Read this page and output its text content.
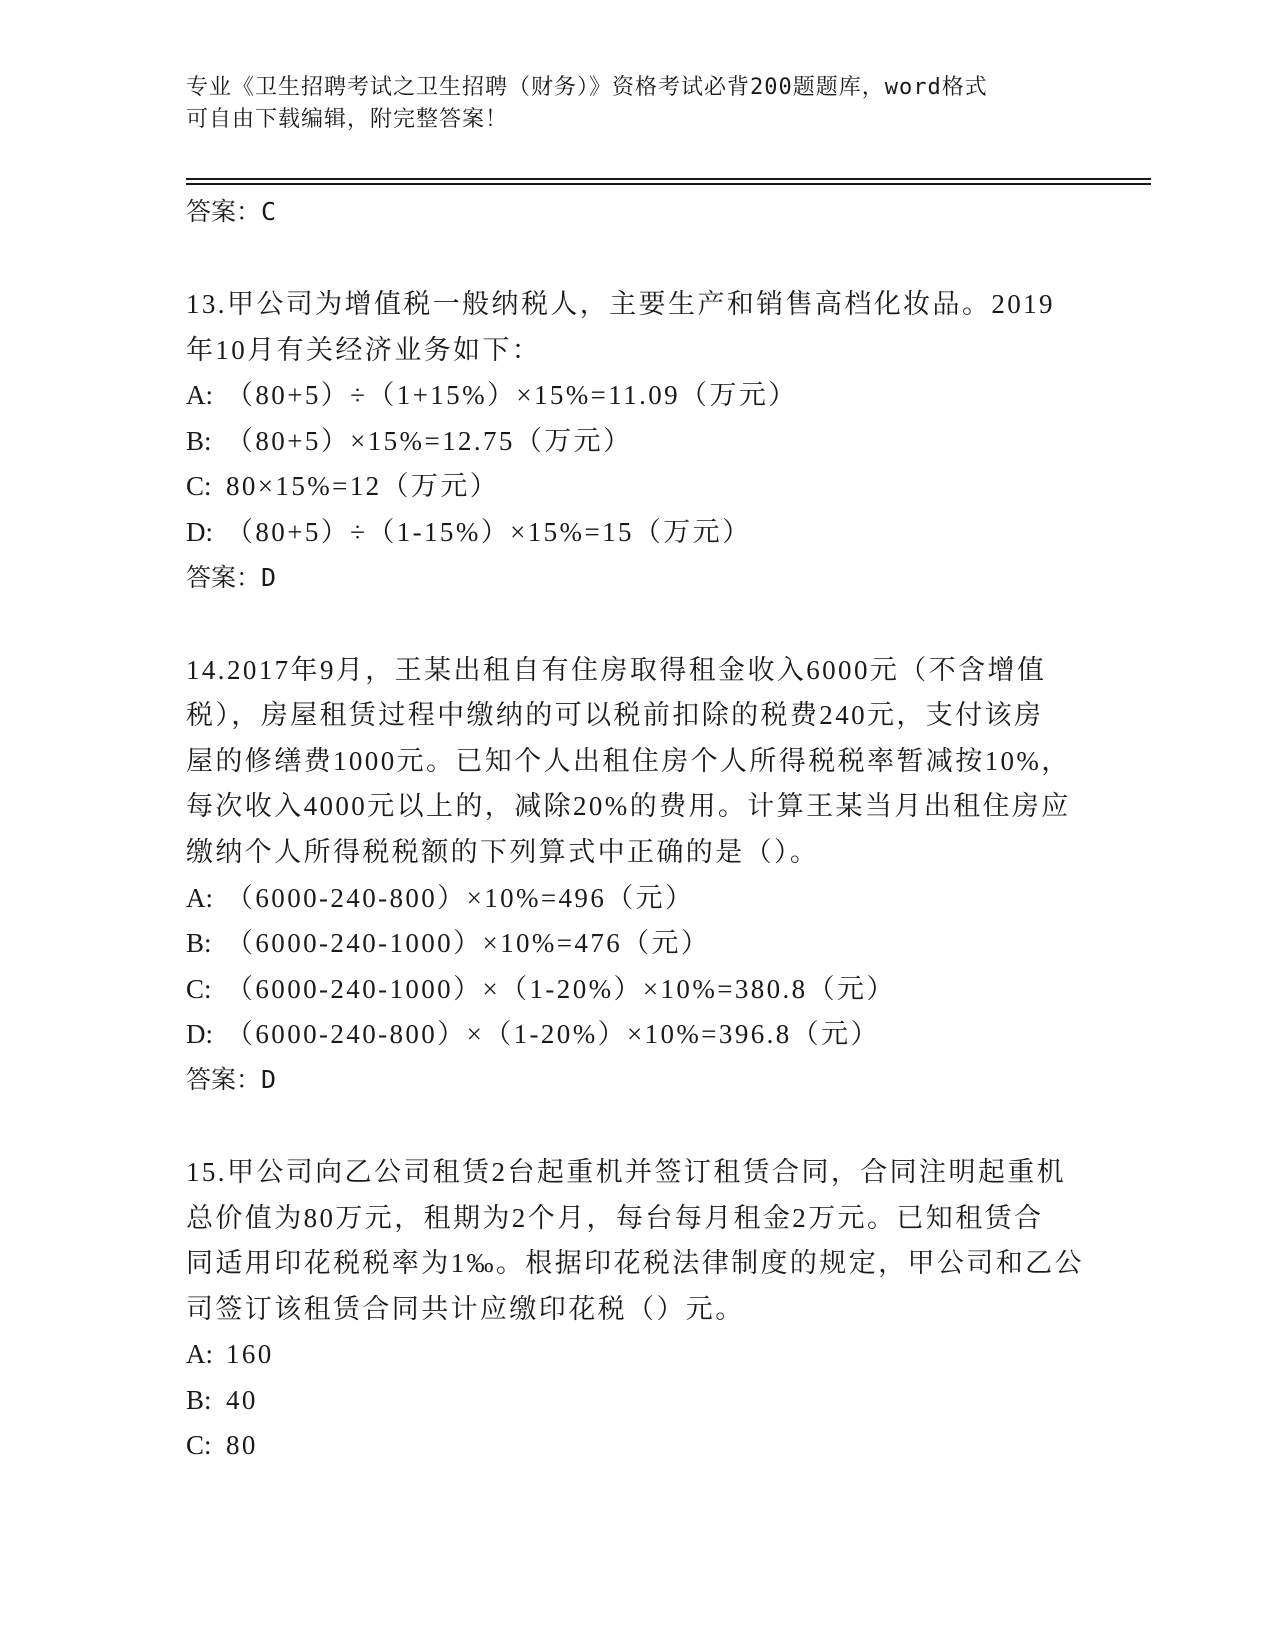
专业《卫生招聘考试之卫生招聘（财务）》资格考试必背200题题库，word格式
可自由下载编辑，附完整答案！
答案：C
13.甲公司为增值税一般纳税人，主要生产和销售高档化妆品。2019
年10月有关经济业务如下：
A: （80+5）÷（1+15%）×15%=11.09（万元）
B: （80+5）×15%=12.75（万元）
C: 80×15%=12（万元）
D: （80+5）÷（1-15%）×15%=15（万元）
答案：D
14.2017年9月，王某出租自有住房取得租金收入6000元（不含增值
税），房屋租赁过程中缴纳的可以税前扣除的税费240元，支付该房
屋的修缮费1000元。已知个人出租住房个人所得税税率暂减按10%，
每次收入4000元以上的，减除20%的费用。计算王某当月出租住房应
缴纳个人所得税税额的下列算式中正确的是（）。
A: （6000-240-800）×10%=496（元）
B: （6000-240-1000）×10%=476（元）
C: （6000-240-1000）×（1-20%）×10%=380.8（元）
D: （6000-240-800）×（1-20%）×10%=396.8（元）
答案：D
15.甲公司向乙公司租赁2台起重机并签订租赁合同，合同注明起重机
总价值为80万元，租期为2个月，每台每月租金2万元。已知租赁合
同适用印花税税率为1‰。根据印花税法律制度的规定，甲公司和乙公
司签订该租赁合同共计应缴印花税（）元。
A: 160
B: 40
C: 80
